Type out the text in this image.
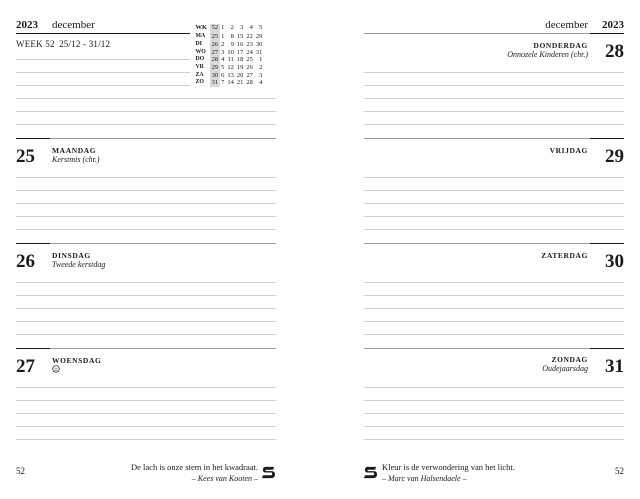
2023 december
WEEK 52 25/12 - 31/12
WK	52	1	2	3	4	5
MA	25	1	8	15	22	29
DI	26	2	9	16	23	30
WO	27	3	10	17	24	31
DO	28	4	11	18	25	1
VR	29	5	12	19	26	2
ZA	30	6	13	20	27	3
ZO	31	7	14	21	28	4
25 MAANDAG
Kerstmis (chr.)
26 DINSDAG
Tweede kerstdag
27 WOENSDAG
52	De lach is onze stem in het kwadraat.
– Kees van Kooten –
december 2023
DONDERDAG
Onnozele Kinderen (chr.) 28
VRIJDAG 29
ZATERDAG 30
ZONDAG
Oudejaarsdag 31
Kleur is de verwondering van het licht.
– Marc van Halsendaele –
52
